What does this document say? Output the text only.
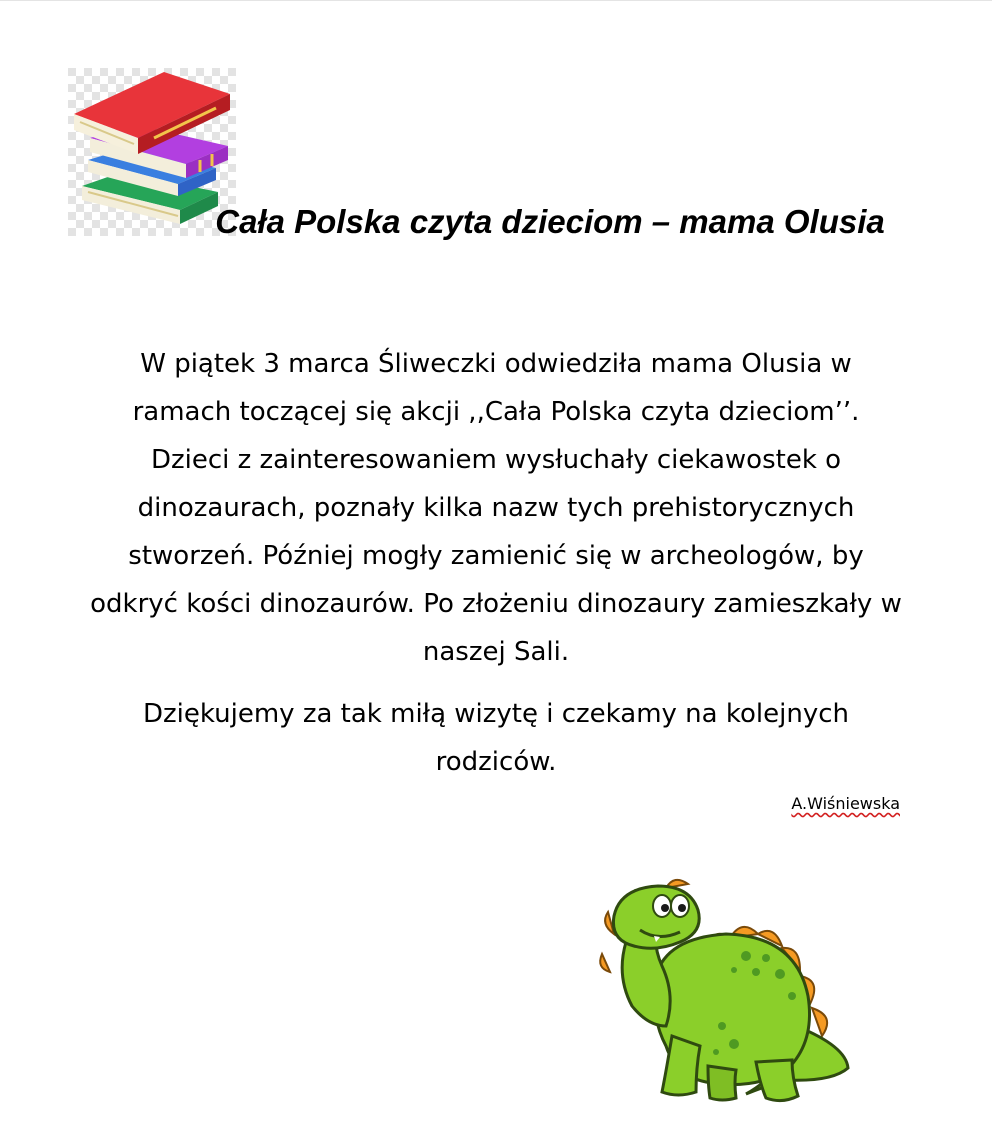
Cała Polska czyta dzieciom – mama Olusia

W piątek 3 marca Śliweczki odwiedziła mama Olusia w ramach toczącej się akcji ,,Cała Polska czyta dzieciom’’. Dzieci z zainteresowaniem wysłuchały ciekawostek o dinozaurach, poznały kilka nazw tych prehistorycznych stworzeń. Później mogły zamienić się w archeologów, by odkryć kości dinozaurów. Po złożeniu dinozaury zamieszkały w naszej Sali.

Dziękujemy za tak miłą wizytę i czekamy na kolejnych rodziców.

A.Wiśniewska
